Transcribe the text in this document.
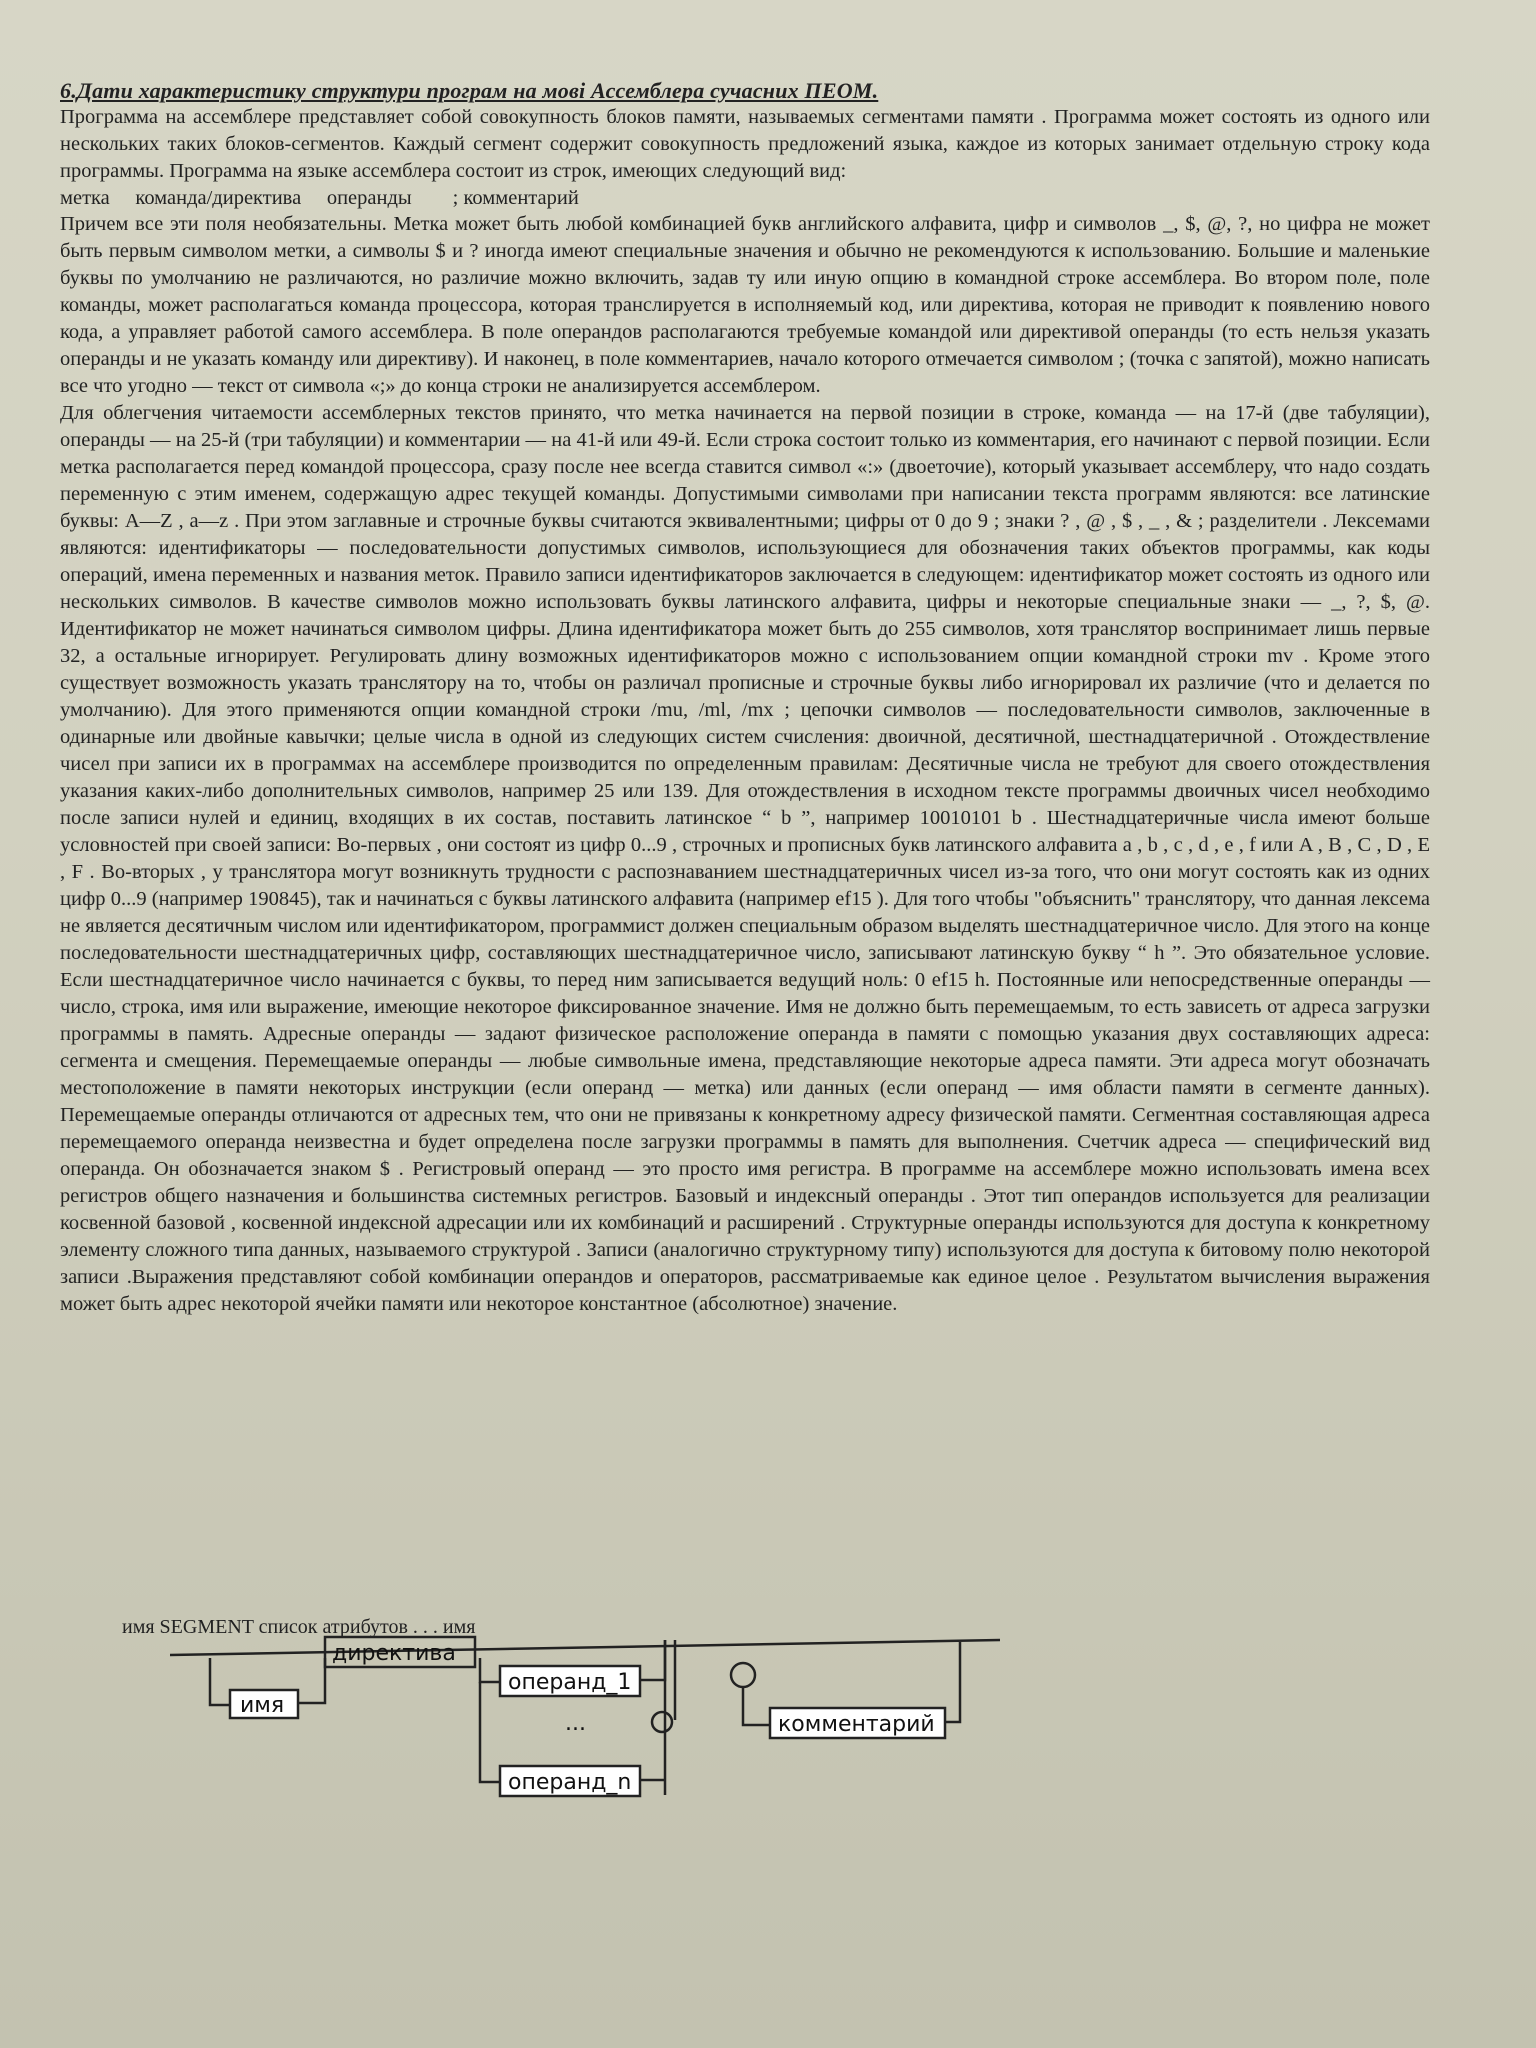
6.Дати характеристику структури програм на мові Ассемблера сучасних ПЕОМ.

Программа на ассемблере представляет собой совокупность блоков памяти, называемых сегментами памяти . Программа может состоять из одного или нескольких таких блоков-сегментов. Каждый сегмент содержит совокупность предложений языка, каждое из которых занимает отдельную строку кода программы. Программа на языке ассемблера состоит из строк, имеющих следующий вид:

метка команда/директива операнды ; комментарий

Причем все эти поля необязательны. Метка может быть любой комбинацией букв английского алфавита, цифр и символов _, $, @, ?, но цифра не может быть первым символом метки, а символы $ и ? иногда имеют специальные значения и обычно не рекомендуются к использованию. Большие и маленькие буквы по умолчанию не различаются, но различие можно включить, задав ту или иную опцию в командной строке ассемблера. Во втором поле, поле команды, может располагаться команда процессора, которая транслируется в исполняемый код, или директива, которая не приводит к появлению нового кода, а управляет работой самого ассемблера. В поле операндов располагаются требуемые командой или директивой операнды (то есть нельзя указать операнды и не указать команду или директиву). И наконец, в поле комментариев, начало которого отмечается символом ; (точка с запятой), можно написать все что угодно — текст от символа «;» до конца строки не анализируется ассемблером.

Для облегчения читаемости ассемблерных текстов принято, что метка начинается на первой позиции в строке, команда — на 17-й (две табуляции), операнды — на 25-й (три табуляции) и комментарии — на 41-й или 49-й. Если строка состоит только из комментария, его начинают с первой позиции. Если метка располагается перед командой процессора, сразу после нее всегда ставится символ «:» (двоеточие), который указывает ассемблеру, что надо создать переменную с этим именем, содержащую адрес текущей команды. Допустимыми символами при написании текста программ являются: все латинские буквы: A—Z , a—z . При этом заглавные и строчные буквы считаются эквивалентными; цифры от 0 до 9 ; знаки ? , @ , $ , _ , & ; разделители . Лексемами являются: идентификаторы — последовательности допустимых символов, использующиеся для обозначения таких объектов программы, как коды операций, имена переменных и названия меток. Правило записи идентификаторов заключается в следующем: идентификатор может состоять из одного или нескольких символов. В качестве символов можно использовать буквы латинского алфавита, цифры и некоторые специальные знаки — _, ?, $, @. Идентификатор не может начинаться символом цифры. Длина идентификатора может быть до 255 символов, хотя транслятор воспринимает лишь первые 32, а остальные игнорирует. Регулировать длину возможных идентификаторов можно с использованием опции командной строки mv . Кроме этого существует возможность указать транслятору на то, чтобы он различал прописные и строчные буквы либо игнорировал их различие (что и делается по умолчанию). Для этого применяются опции командной строки /mu, /ml, /mx ; цепочки символов — последовательности символов, заключенные в одинарные или двойные кавычки; целые числа в одной из следующих систем счисления: двоичной, десятичной, шестнадцатеричной . Отождествление чисел при записи их в программах на ассемблере производится по определенным правилам: Десятичные числа не требуют для своего отождествления указания каких-либо дополнительных символов, например 25 или 139. Для отождествления в исходном тексте программы двоичных чисел необходимо после записи нулей и единиц, входящих в их состав, поставить латинское “ b ”, например 10010101 b . Шестнадцатеричные числа имеют больше условностей при своей записи: Во-первых , они состоят из цифр 0...9 , строчных и прописных букв латинского алфавита a , b , c , d , e , f или A , B , C , D , E , F . Во-вторых , у транслятора могут возникнуть трудности с распознаванием шестнадцатеричных чисел из-за того, что они могут состоять как из одних цифр 0...9 (например 190845), так и начинаться с буквы латинского алфавита (например ef15 ). Для того чтобы "объяснить" транслятору, что данная лексема не является десятичным числом или идентификатором, программист должен специальным образом выделять шестнадцатеричное число. Для этого на конце последовательности шестнадцатеричных цифр, составляющих шестнадцатеричное число, записывают латинскую букву “ h ”. Это обязательное условие. Если шестнадцатеричное число начинается с буквы, то перед ним записывается ведущий ноль: 0 ef15 h. Постоянные или непосредственные операнды — число, строка, имя или выражение, имеющие некоторое фиксированное значение. Имя не должно быть перемещаемым, то есть зависеть от адреса загрузки программы в память. Адресные операнды — задают физическое расположение операнда в памяти с помощью указания двух составляющих адреса: сегмента и смещения. Перемещаемые операнды — любые символьные имена, представляющие некоторые адреса памяти. Эти адреса могут обозначать местоположение в памяти некоторых инструкции (если операнд — метка) или данных (если операнд — имя области памяти в сегменте данных). Перемещаемые операнды отличаются от адресных тем, что они не привязаны к конкретному адресу физической памяти. Сегментная составляющая адреса перемещаемого операнда неизвестна и будет определена после загрузки программы в память для выполнения. Счетчик адреса — специфический вид операнда. Он обозначается знаком $ . Регистровый операнд — это просто имя регистра. В программе на ассемблере можно использовать имена всех регистров общего назначения и большинства системных регистров. Базовый и индексный операнды . Этот тип операндов используется для реализации косвенной базовой , косвенной индексной адресации или их комбинаций и расширений . Структурные операнды используются для доступа к конкретному элементу сложного типа данных, называемого структурой . Записи (аналогично структурному типу) используются для доступа к битовому полю некоторой записи .Выражения представляют собой комбинации операндов и операторов, рассматриваемые как единое целое . Результатом вычисления выражения может быть адрес некоторой ячейки памяти или некоторое константное (абсолютное) значение.

имя SEGMENT список атрибутов . . . имя
директива
имя
операнд_1
операнд_n
комментарий
...
